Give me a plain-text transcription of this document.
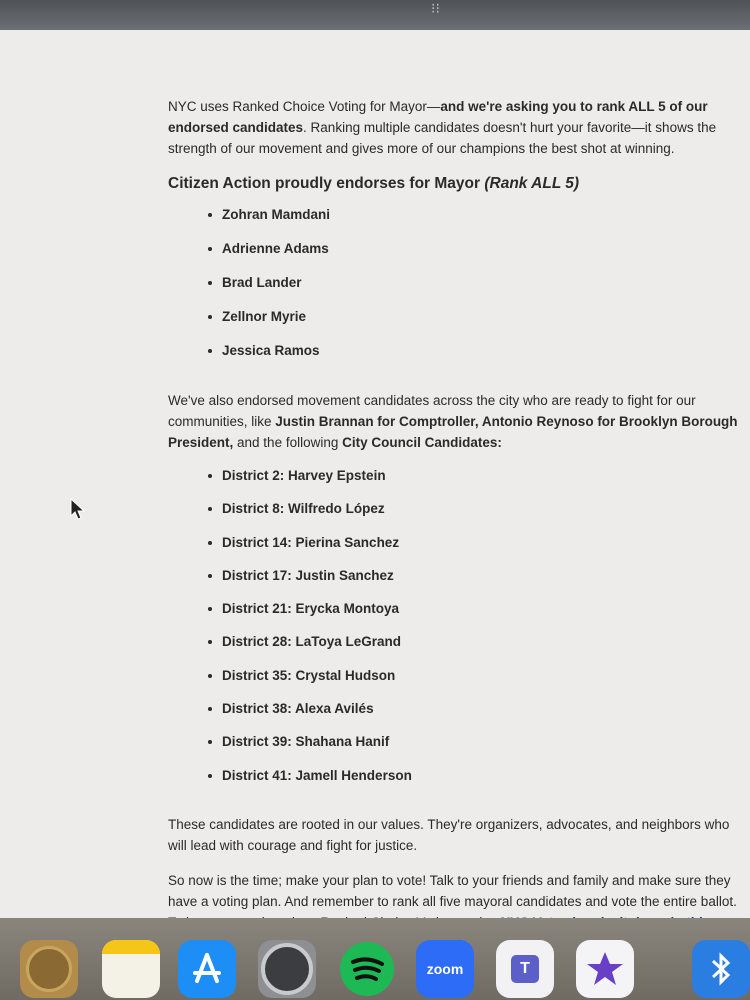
⁝⁝

NYC uses Ranked Choice Voting for Mayor—and we're asking you to rank ALL 5 of our endorsed candidates. Ranking multiple candidates doesn't hurt your favorite—it shows the strength of our movement and gives more of our champions the best shot at winning.

Citizen Action proudly endorses for Mayor (Rank ALL 5)
Zohran Mamdani
Adrienne Adams
Brad Lander
Zellnor Myrie
Jessica Ramos

We've also endorsed movement candidates across the city who are ready to fight for our communities, like Justin Brannan for Comptroller, Antonio Reynoso for Brooklyn Borough President, and the following City Council Candidates:

District 2: Harvey Epstein
District 8: Wilfredo López
District 14: Pierina Sanchez
District 17: Justin Sanchez
District 21: Erycka Montoya
District 28: LaToya LeGrand
District 35: Crystal Hudson
District 38: Alexa Avilés
District 39: Shahana Hanif
District 41: Jamell Henderson

These candidates are rooted in our values. They're organizers, advocates, and neighbors who will lead with courage and fight for justice.

So now is the time; make your plan to vote! Talk to your friends and family and make sure they have a voting plan. And remember to rank all five mayoral candidates and vote the entire ballot.

zoom	T
